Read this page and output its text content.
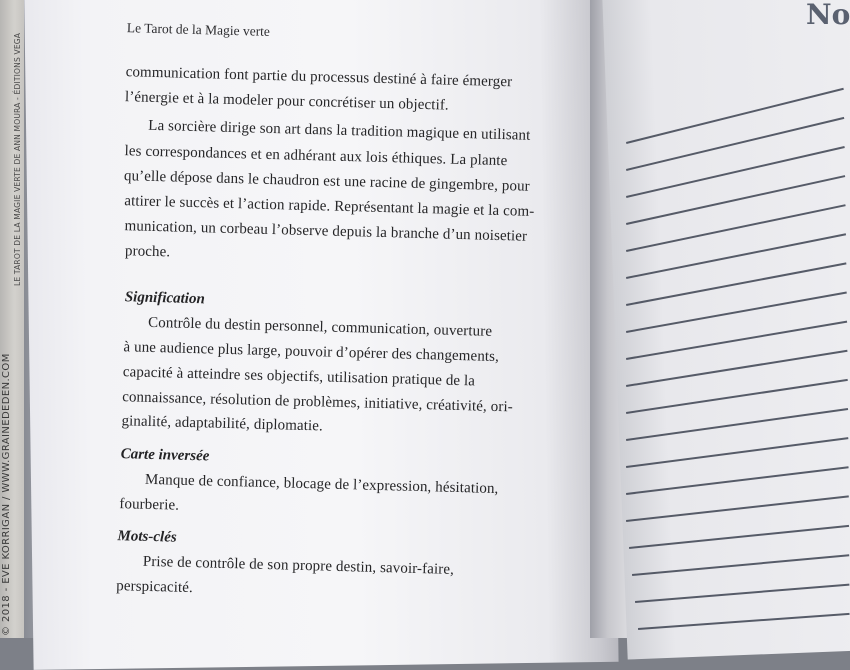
No
© 2018 - EVE KORRIGAN / WWW.GRAINEDEDEN.COM
LE TAROT DE LA MAGIE VERTE DE ANN MOURA - ÉDITIONS VEGA
Le Tarot de la Magie verte
communication font partie du processus destiné à faire émerger
l’énergie et à la modeler pour concrétiser un objectif.
La sorcière dirige son art dans la tradition magique en utilisant
les correspondances et en adhérant aux lois éthiques. La plante
qu’elle dépose dans le chaudron est une racine de gingembre, pour
attirer le succès et l’action rapide. Représentant la magie et la com-
munication, un corbeau l’observe depuis la branche d’un noisetier
proche.
Signification
Contrôle du destin personnel, communication, ouverture
à une audience plus large, pouvoir d’opérer des changements,
capacité à atteindre ses objectifs, utilisation pratique de la
connaissance, résolution de problèmes, initiative, créativité, ori-
ginalité, adaptabilité, diplomatie.
Carte inversée
Manque de confiance, blocage de l’expression, hésitation,
fourberie.
Mots-clés
Prise de contrôle de son propre destin, savoir-faire,
perspicacité.
